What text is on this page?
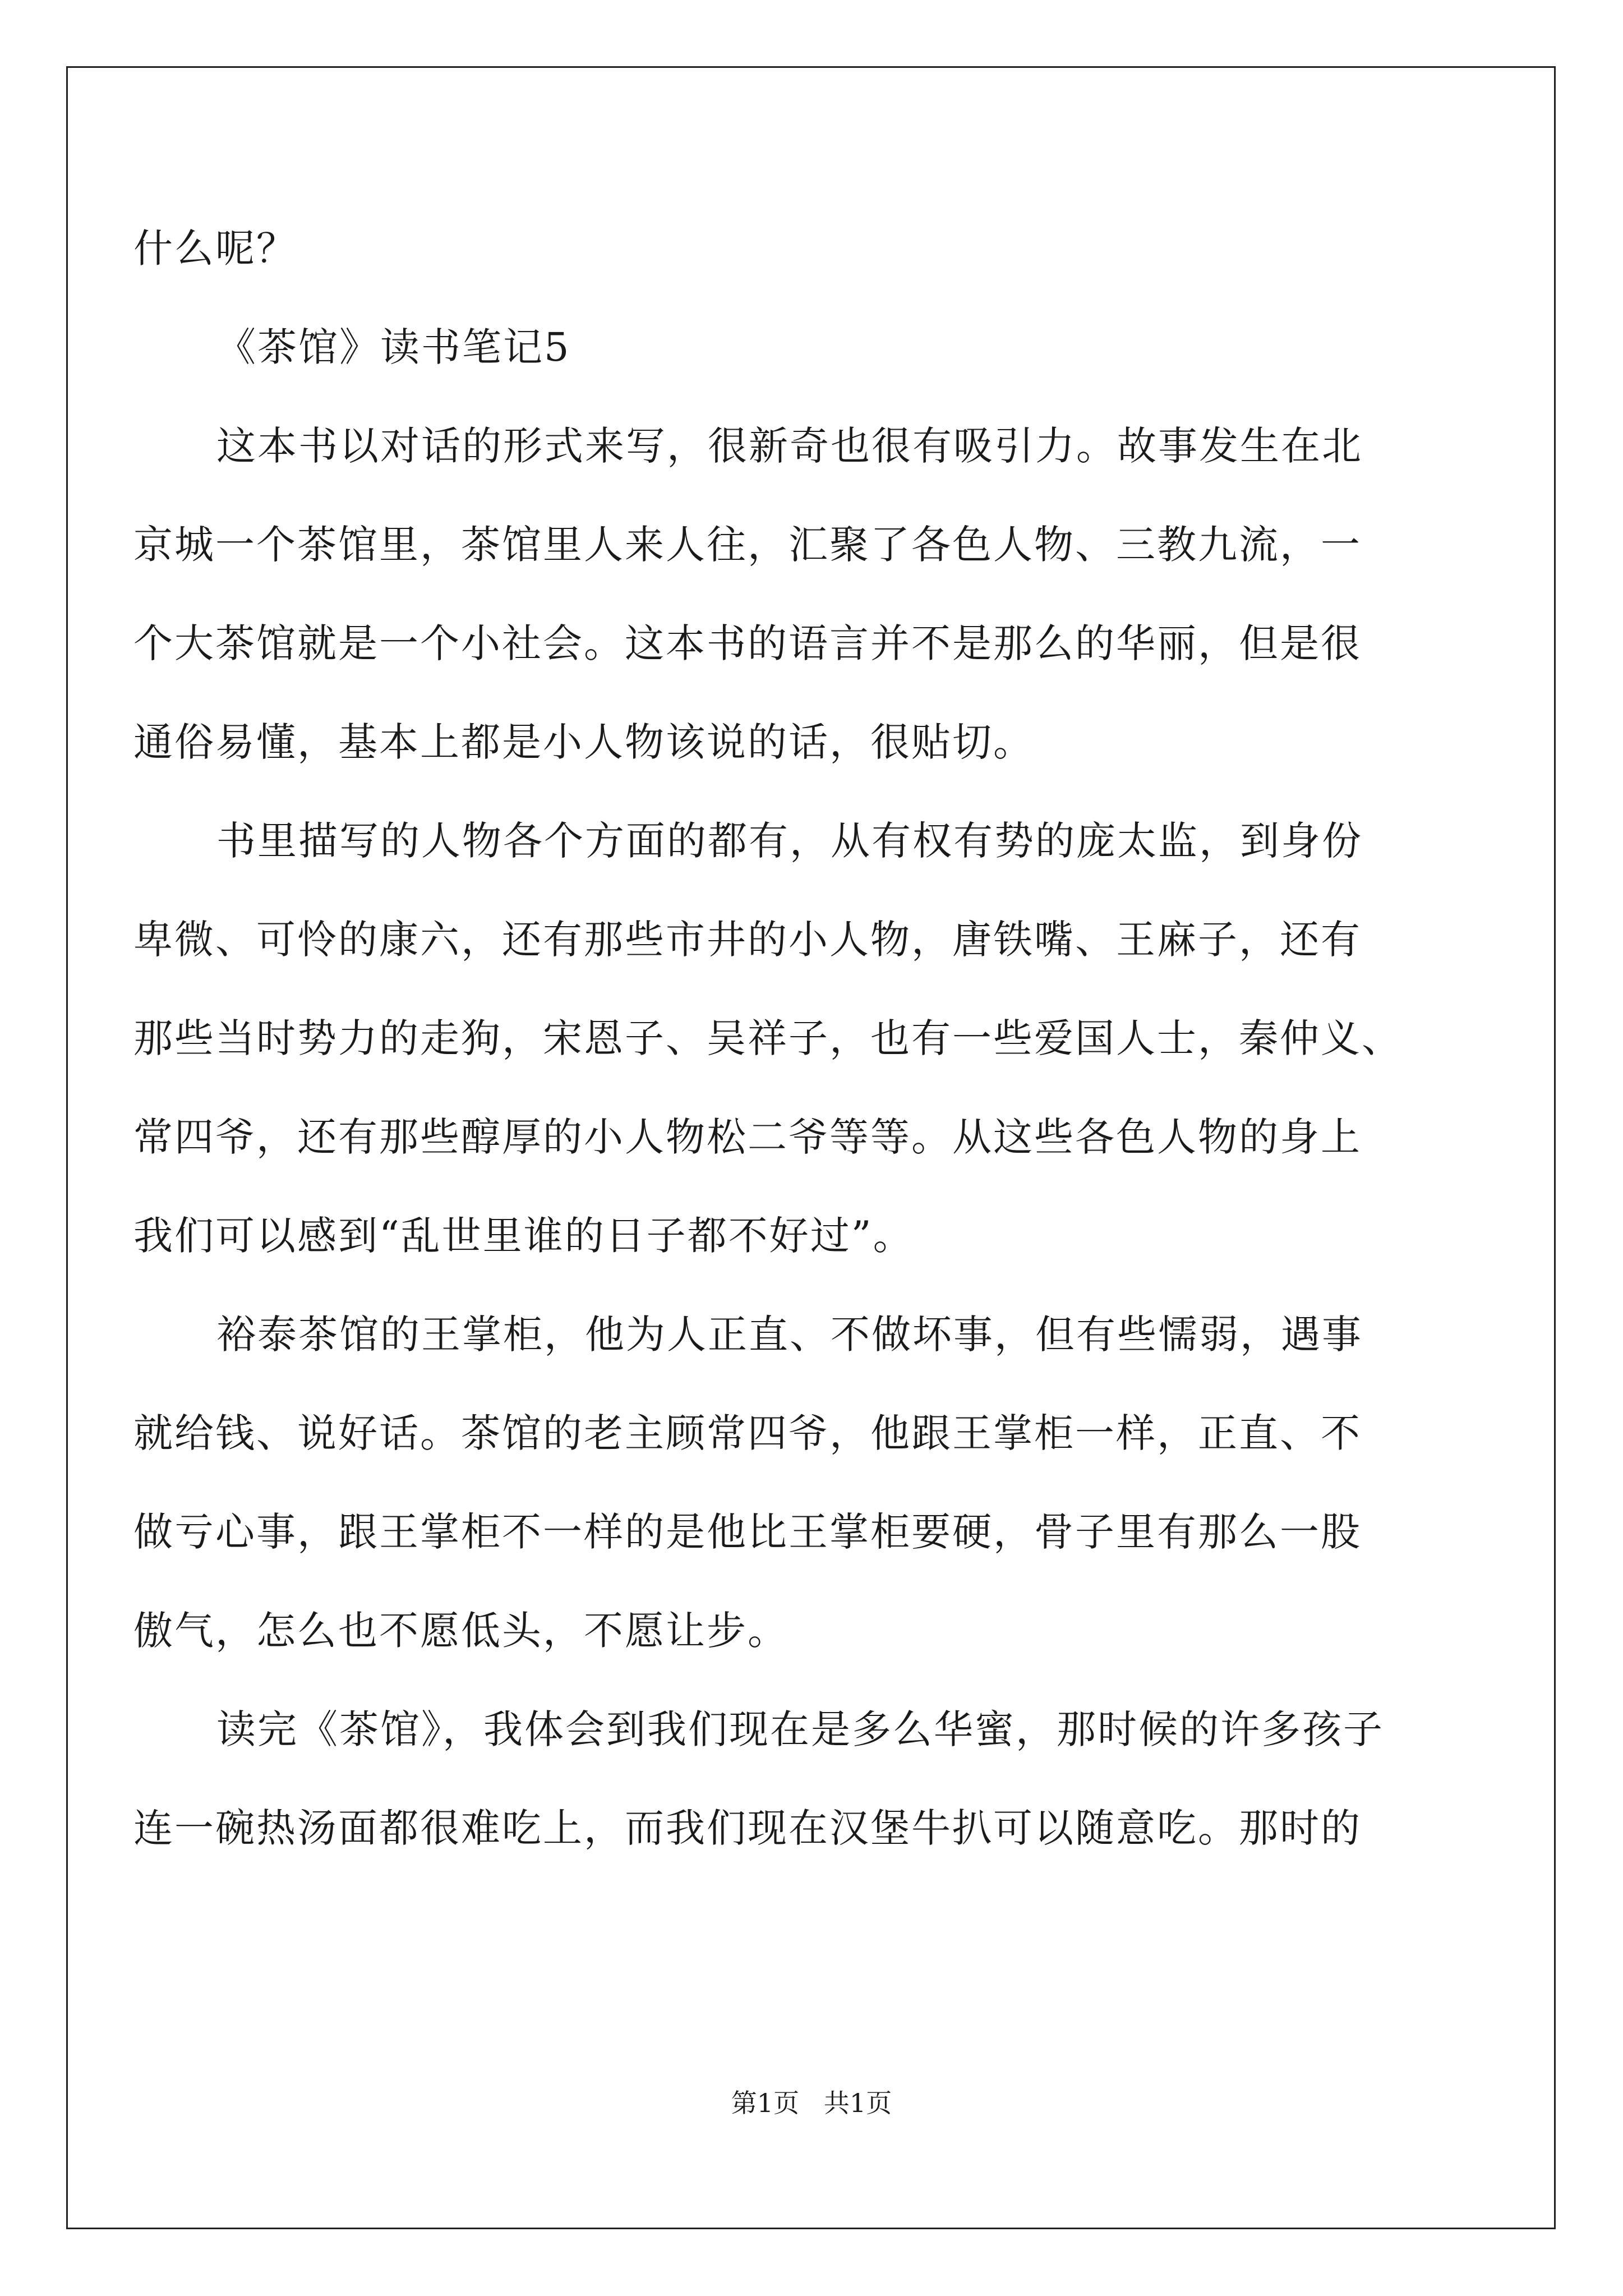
什么呢？
《茶馆》读书笔记5
这本书以对话的形式来写，很新奇也很有吸引力。故事发生在北
京城一个茶馆里，茶馆里人来人往，汇聚了各色人物、三教九流，一
个大茶馆就是一个小社会。这本书的语言并不是那么的华丽，但是很
通俗易懂，基本上都是小人物该说的话，很贴切。
书里描写的人物各个方面的都有，从有权有势的庞太监，到身份
卑微、可怜的康六，还有那些市井的小人物，唐铁嘴、王麻子，还有
那些当时势力的走狗，宋恩子、吴祥子，也有一些爱国人士，秦仲义、
常四爷，还有那些醇厚的小人物松二爷等等。从这些各色人物的身上
我们可以感到“乱世里谁的日子都不好过”。
裕泰茶馆的王掌柜，他为人正直、不做坏事，但有些懦弱，遇事
就给钱、说好话。茶馆的老主顾常四爷，他跟王掌柜一样，正直、不
做亏心事，跟王掌柜不一样的是他比王掌柜要硬，骨子里有那么一股
傲气，怎么也不愿低头，不愿让步。
读完《茶馆》，我体会到我们现在是多么华蜜，那时候的许多孩子
连一碗热汤面都很难吃上，而我们现在汉堡牛扒可以随意吃。那时的
第1页   共1页
